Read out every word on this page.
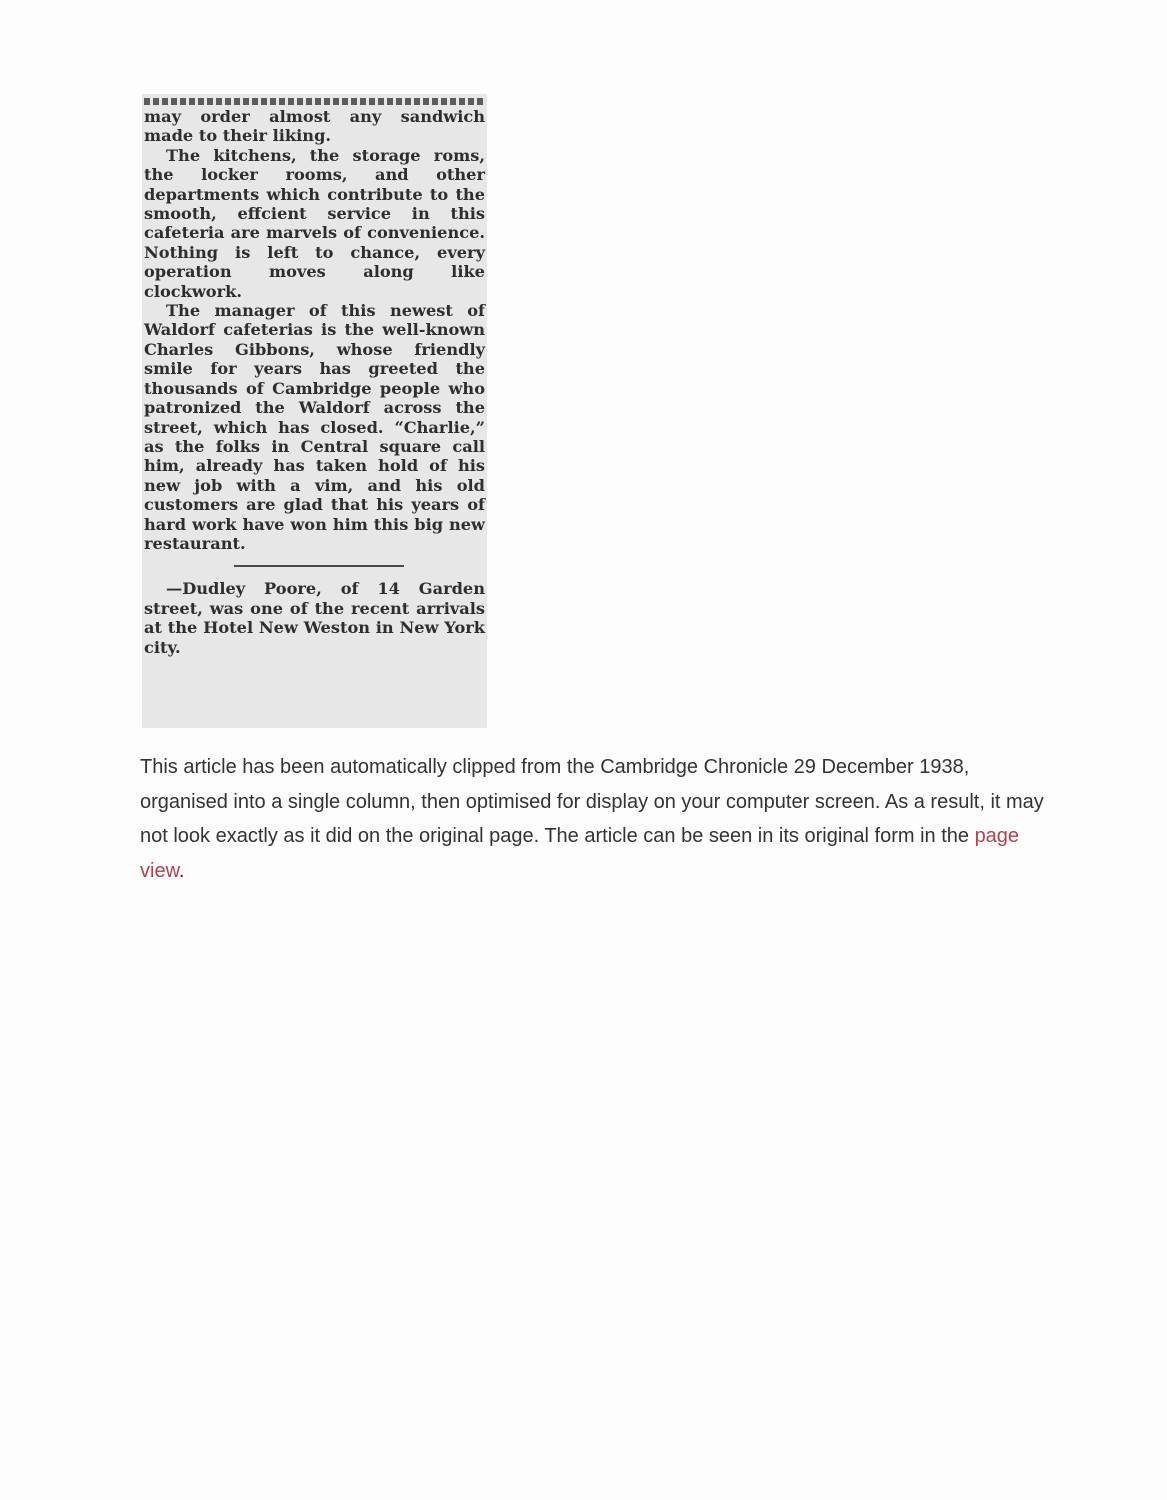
may order almost any sandwich made to their liking.

The kitchens, the storage roms, the locker rooms, and other departments which contribute to the smooth, effcient service in this cafeteria are marvels of convenience. Nothing is left to chance, every operation moves along like clockwork.

The manager of this newest of Waldorf cafeterias is the well-known Charles Gibbons, whose friendly smile for years has greeted the thousands of Cambridge people who patronized the Waldorf across the street, which has closed. “Charlie,” as the folks in Central square call him, already has taken hold of his new job with a vim, and his old customers are glad that his years of hard work have won him this big new restaurant.

—Dudley Poore, of 14 Garden street, was one of the recent arrivals at the Hotel New Weston in New York city.

This article has been automatically clipped from the Cambridge Chronicle 29 December 1938, organised into a single column, then optimised for display on your computer screen. As a result, it may not look exactly as it did on the original page. The article can be seen in its original form in the page view.
